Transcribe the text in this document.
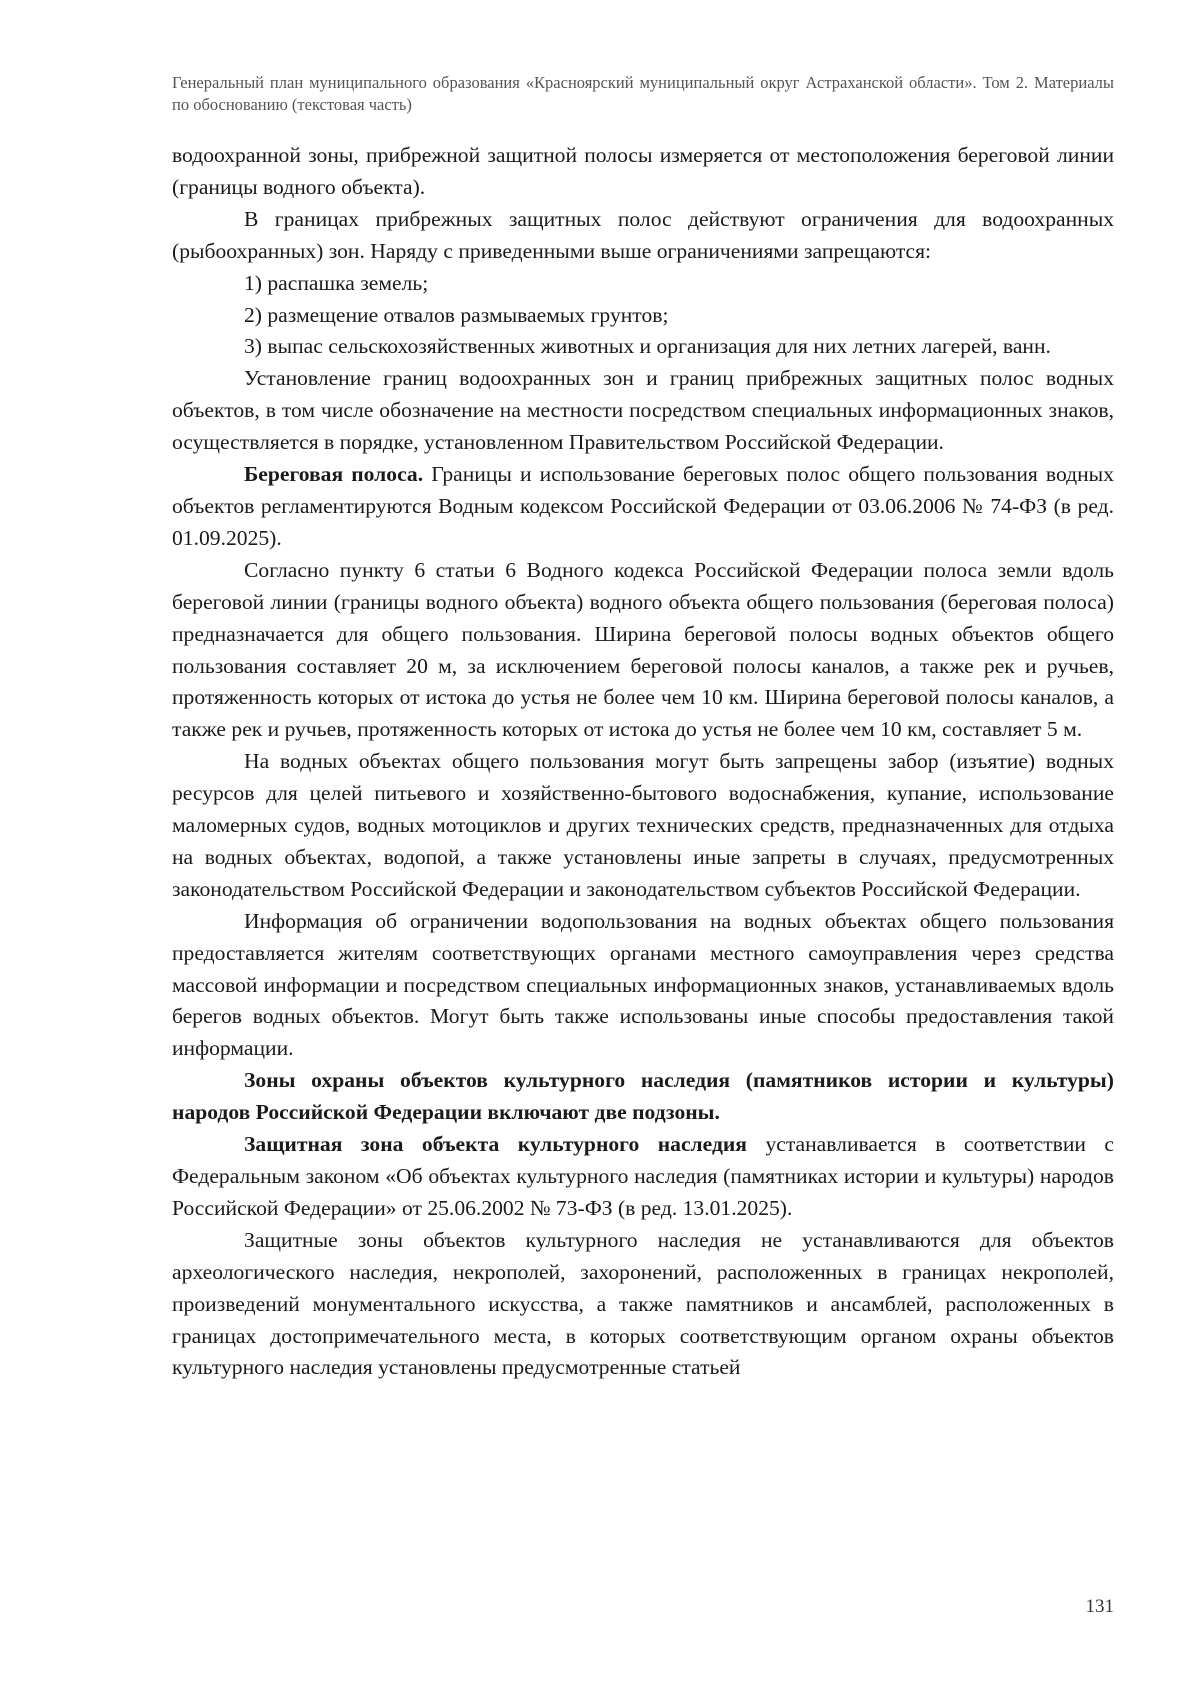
Генеральный план муниципального образования «Красноярский муниципальный округ Астраханской области». Том 2. Материалы по обоснованию (текстовая часть)

водоохранной зоны, прибрежной защитной полосы измеряется от местоположения береговой линии (границы водного объекта).

В границах прибрежных защитных полос действуют ограничения для водоохранных (рыбоохранных) зон. Наряду с приведенными выше ограничениями запрещаются:

1) распашка земель;

2) размещение отвалов размываемых грунтов;

3) выпас сельскохозяйственных животных и организация для них летних лагерей, ванн.

Установление границ водоохранных зон и границ прибрежных защитных полос водных объектов, в том числе обозначение на местности посредством специальных информационных знаков, осуществляется в порядке, установленном Правительством Российской Федерации.

Береговая полоса. Границы и использование береговых полос общего пользования водных объектов регламентируются Водным кодексом Российской Федерации от 03.06.2006 № 74-ФЗ (в ред. 01.09.2025).

Согласно пункту 6 статьи 6 Водного кодекса Российской Федерации полоса земли вдоль береговой линии (границы водного объекта) водного объекта общего пользования (береговая полоса) предназначается для общего пользования. Ширина береговой полосы водных объектов общего пользования составляет 20 м, за исключением береговой полосы каналов, а также рек и ручьев, протяженность которых от истока до устья не более чем 10 км. Ширина береговой полосы каналов, а также рек и ручьев, протяженность которых от истока до устья не более чем 10 км, составляет 5 м.

На водных объектах общего пользования могут быть запрещены забор (изъятие) водных ресурсов для целей питьевого и хозяйственно-бытового водоснабжения, купание, использование маломерных судов, водных мотоциклов и других технических средств, предназначенных для отдыха на водных объектах, водопой, а также установлены иные запреты в случаях, предусмотренных законодательством Российской Федерации и законодательством субъектов Российской Федерации.

Информация об ограничении водопользования на водных объектах общего пользования предоставляется жителям соответствующих органами местного самоуправления через средства массовой информации и посредством специальных информационных знаков, устанавливаемых вдоль берегов водных объектов. Могут быть также использованы иные способы предоставления такой информации.

Зоны охраны объектов культурного наследия (памятников истории и культуры) народов Российской Федерации включают две подзоны.

Защитная зона объекта культурного наследия устанавливается в соответствии с Федеральным законом «Об объектах культурного наследия (памятниках истории и культуры) народов Российской Федерации» от 25.06.2002 № 73-ФЗ (в ред. 13.01.2025).

Защитные зоны объектов культурного наследия не устанавливаются для объектов археологического наследия, некрополей, захоронений, расположенных в границах некрополей, произведений монументального искусства, а также памятников и ансамблей, расположенных в границах достопримечательного места, в которых соответствующим органом охраны объектов культурного наследия установлены предусмотренные статьей

131
